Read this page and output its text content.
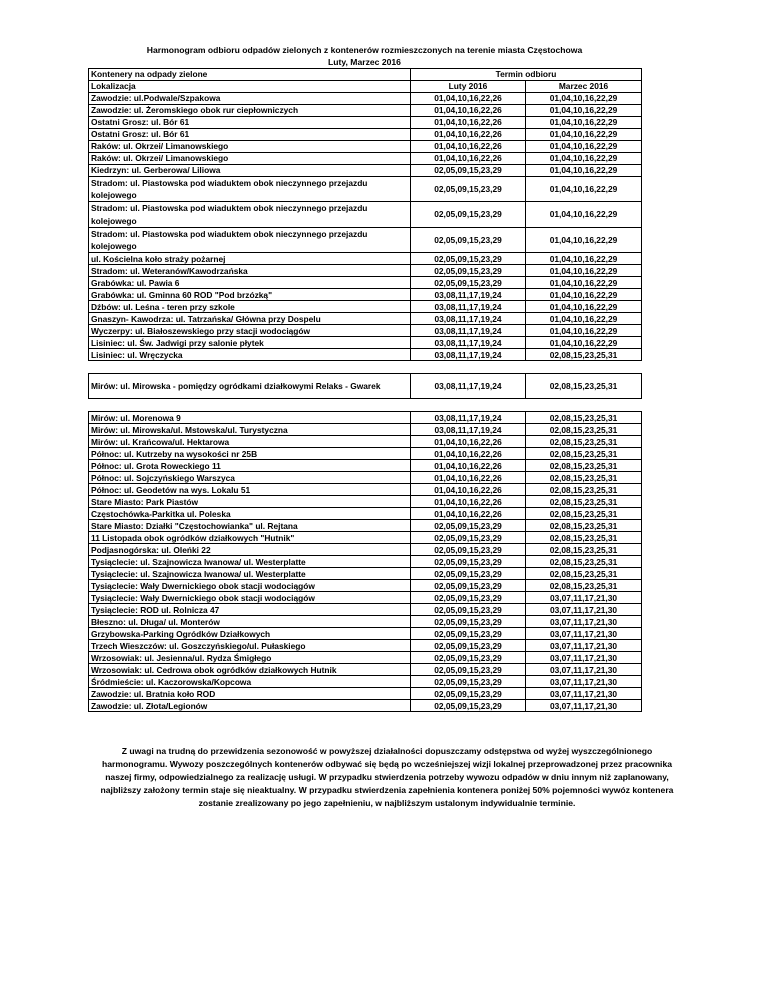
Harmonogram odbioru odpadów zielonych z kontenerów rozmieszczonych na terenie miasta Częstochowa
Luty, Marzec 2016
Kontenery na odpady zielone	Termin odbioru	
Lokalizacja	Luty 2016	Marzec 2016
Zawodzie: ul.Podwale/Szpakowa	01,04,10,16,22,26	01,04,10,16,22,29
Zawodzie: ul. Żeromskiego obok rur ciepłowniczych	01,04,10,16,22,26	01,04,10,16,22,29
Ostatni Grosz: ul. Bór 61	01,04,10,16,22,26	01,04,10,16,22,29
Ostatni Grosz: ul. Bór 61	01,04,10,16,22,26	01,04,10,16,22,29
Raków: ul. Okrzei/ Limanowskiego	01,04,10,16,22,26	01,04,10,16,22,29
Raków: ul. Okrzei/ Limanowskiego	01,04,10,16,22,26	01,04,10,16,22,29
Kiedrzyn: ul. Gerberowa/ Liliowa	02,05,09,15,23,29	01,04,10,16,22,29
Stradom: ul. Piastowska pod wiaduktem obok nieczynnego przejazdu kolejowego	02,05,09,15,23,29	01,04,10,16,22,29
Stradom: ul. Piastowska pod wiaduktem obok nieczynnego przejazdu kolejowego	02,05,09,15,23,29	01,04,10,16,22,29
Stradom: ul. Piastowska pod wiaduktem obok nieczynnego przejazdu kolejowego	02,05,09,15,23,29	01,04,10,16,22,29
ul. Kościelna koło straży pożarnej	02,05,09,15,23,29	01,04,10,16,22,29
Stradom: ul. Weteranów/Kawodrzańska	02,05,09,15,23,29	01,04,10,16,22,29
Grabówka: ul. Pawia 6	02,05,09,15,23,29	01,04,10,16,22,29
Grabówka: ul. Gminna 60 ROD "Pod brzózką"	03,08,11,17,19,24	01,04,10,16,22,29
Dźbów: ul. Leśna - teren przy szkole	03,08,11,17,19,24	01,04,10,16,22,29
Gnaszyn- Kawodrza: ul. Tatrzańska/ Główna przy Dospelu	03,08,11,17,19,24	01,04,10,16,22,29
Wyczerpy: ul. Białoszewskiego przy stacji wodociągów	03,08,11,17,19,24	01,04,10,16,22,29
Lisiniec: ul. Św. Jadwigi przy salonie płytek	03,08,11,17,19,24	01,04,10,16,22,29
Lisiniec: ul. Wręczycka	03,08,11,17,19,24	02,08,15,23,25,31

Mirów: ul. Mirowska - pomiędzy ogródkami działkowymi Relaks - Gwarek	03,08,11,17,19,24	02,08,15,23,25,31

Mirów: ul. Morenowa 9	03,08,11,17,19,24	02,08,15,23,25,31
Mirów: ul. Mirowska/ul. Mstowska/ul. Turystyczna	03,08,11,17,19,24	02,08,15,23,25,31
Mirów: ul. Krańcowa/ul. Hektarowa	01,04,10,16,22,26	02,08,15,23,25,31
Północ: ul. Kutrzeby na wysokości nr 25B	01,04,10,16,22,26	02,08,15,23,25,31
Północ: ul. Grota Roweckiego 11	01,04,10,16,22,26	02,08,15,23,25,31
Północ: ul. Sojczyńskiego Warszyca	01,04,10,16,22,26	02,08,15,23,25,31
Północ: ul. Geodetów na wys. Lokalu 51	01,04,10,16,22,26	02,08,15,23,25,31
Stare Miasto: Park Piastów	01,04,10,16,22,26	02,08,15,23,25,31
Częstochówka-Parkitka ul. Poleska	01,04,10,16,22,26	02,08,15,23,25,31
Stare Miasto: Działki "Częstochowianka" ul. Rejtana	02,05,09,15,23,29	02,08,15,23,25,31
11 Listopada obok ogródków działkowych "Hutnik"	02,05,09,15,23,29	02,08,15,23,25,31
Podjasnogórska: ul. Oleńki 22	02,05,09,15,23,29	02,08,15,23,25,31
Tysiąclecie: ul. Szajnowicza Iwanowa/ ul. Westerplatte	02,05,09,15,23,29	02,08,15,23,25,31
Tysiąclecie: ul. Szajnowicza Iwanowa/ ul. Westerplatte	02,05,09,15,23,29	02,08,15,23,25,31
Tysiąclecie: Wały Dwernickiego obok stacji wodociągów	02,05,09,15,23,29	02,08,15,23,25,31
Tysiąclecie: Wały Dwernickiego obok stacji wodociągów	02,05,09,15,23,29	03,07,11,17,21,30
Tysiąclecie: ROD ul. Rolnicza 47	02,05,09,15,23,29	03,07,11,17,21,30
Błeszno: ul. Długa/ ul. Monterów	02,05,09,15,23,29	03,07,11,17,21,30
Grzybowska-Parking Ogródków Działkowych	02,05,09,15,23,29	03,07,11,17,21,30
Trzech Wieszczów: ul. Goszczyńskiego/ul. Pułaskiego	02,05,09,15,23,29	03,07,11,17,21,30
Wrzosowiak: ul. Jesienna/ul. Rydza Śmigłego	02,05,09,15,23,29	03,07,11,17,21,30
Wrzosowiak: ul. Cedrowa obok ogródków działkowych Hutnik	02,05,09,15,23,29	03,07,11,17,21,30
Śródmieście: ul. Kaczorowska/Kopcowa	02,05,09,15,23,29	03,07,11,17,21,30
Zawodzie: ul. Bratnia koło ROD	02,05,09,15,23,29	03,07,11,17,21,30
Zawodzie: ul. Złota/Legionów	02,05,09,15,23,29	03,07,11,17,21,30
Z uwagi na trudną do przewidzenia sezonowość w powyższej działalności dopuszczamy odstępstwa od wyżej wyszczególnionego harmonogramu. Wywozy poszczególnych kontenerów odbywać się będą po wcześniejszej wizji lokalnej przeprowadzonej przez pracownika naszej firmy, odpowiedzialnego za realizację usługi. W przypadku stwierdzenia potrzeby wywozu odpadów w dniu innym niż zaplanowany, najbliższy założony termin staje się nieaktualny. W przypadku stwierdzenia zapełnienia kontenera poniżej 50% pojemności wywóz kontenera zostanie zrealizowany po jego zapełnieniu, w najbliższym ustalonym indywidualnie terminie.
